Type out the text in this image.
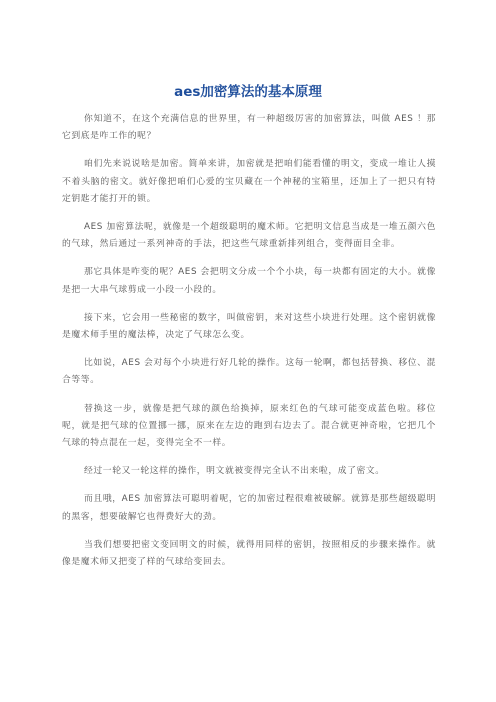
aes加密算法的基本原理

你知道不，在这个充满信息的世界里，有一种超级厉害的加密算法，叫做 AES ！那它到底是咋工作的呢？

咱们先来说说啥是加密。简单来讲，加密就是把咱们能看懂的明文，变成一堆让人摸不着头脑的密文。就好像把咱们心爱的宝贝藏在一个神秘的宝箱里，还加上了一把只有特定钥匙才能打开的锁。

AES 加密算法呢，就像是一个超级聪明的魔术师。它把明文信息当成是一堆五颜六色的气球，然后通过一系列神奇的手法，把这些气球重新排列组合，变得面目全非。

那它具体是咋变的呢？AES 会把明文分成一个个小块，每一块都有固定的大小。就像是把一大串气球剪成一小段一小段的。

接下来，它会用一些秘密的数字，叫做密钥，来对这些小块进行处理。这个密钥就像是魔术师手里的魔法棒，决定了气球怎么变。

比如说，AES 会对每个小块进行好几轮的操作。这每一轮啊，都包括替换、移位、混合等等。

替换这一步，就像是把气球的颜色给换掉，原来红色的气球可能变成蓝色啦。移位呢，就是把气球的位置挪一挪，原来在左边的跑到右边去了。混合就更神奇啦，它把几个气球的特点混在一起，变得完全不一样。

经过一轮又一轮这样的操作，明文就被变得完全认不出来啦，成了密文。

而且哦，AES 加密算法可聪明着呢，它的加密过程很难被破解。就算是那些超级聪明的黑客，想要破解它也得费好大的劲。

当我们想要把密文变回明文的时候，就得用同样的密钥，按照相反的步骤来操作。就像是魔术师又把变了样的气球给变回去。
